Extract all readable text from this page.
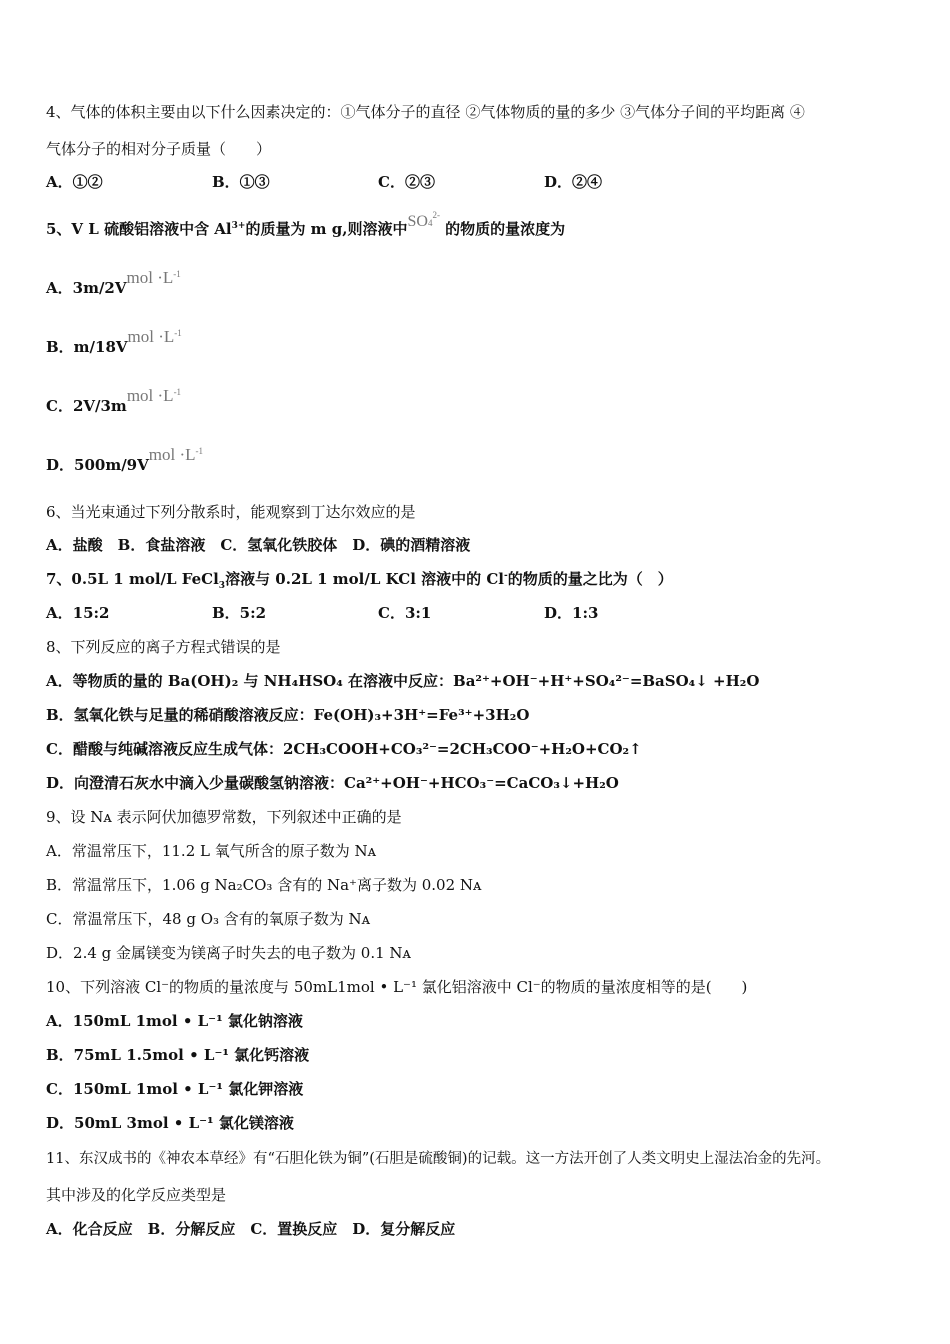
4、气体的体积主要由以下什么因素决定的：①气体分子的直径 ②气体物质的量的多少 ③气体分子间的平均距离 ④
气体分子的相对分子质量（　　）
A．①②	B．①③	C．②③	D．②④
5、V L 硫酸铝溶液中含 $Al^{3+}$的质量为 m g,则溶液中$SO4^{2-}$ 的物质的量浓度为
A．3m/2Vmol $\cdot L^{-1}$
B．m/18Vmol $\cdot L^{-1}$
C．2V/3mmol $\cdot L^{-1}$
D．500m/9Vmol $\cdot L^{-1}$
6、当光束通过下列分散系时，能观察到丁达尔效应的是
A．盐酸　B．食盐溶液　C．氢氧化铁胶体　D．碘的酒精溶液
7、0.5L 1 mol/L FeCl$_3$溶液与 0.2L 1 mol/L KCl 溶液中的 Cl-的物质的量之比为（　）
A．15:2	B．5:2	C．3:1	D．1:3
8、下列反应的离子方程式错误的是
A．等物质的量的 Ba(OH)₂ 与 NH₄HSO₄ 在溶液中反应：Ba²⁺+OH⁻+H⁺+SO₄²⁻=BaSO₄↓ +H₂O
B．氢氧化铁与足量的稀硝酸溶液反应：Fe(OH)₃+3H⁺=Fe³⁺+3H₂O
C．醋酸与纯碱溶液反应生成气体：2CH₃COOH+CO₃²⁻=2CH₃COO⁻+H₂O+CO₂↑
D．向澄清石灰水中滴入少量碳酸氢钠溶液：Ca²⁺+OH⁻+HCO₃⁻=CaCO₃↓+H₂O
9、设 Nᴀ 表示阿伏加德罗常数，下列叙述中正确的是
A．常温常压下，11.2 L 氧气所含的原子数为 Nᴀ
B．常温常压下，1.06 g Na₂CO₃ 含有的 Na⁺离子数为 0.02 Nᴀ
C．常温常压下，48 g O₃ 含有的氧原子数为 Nᴀ
D．2.4 g 金属镁变为镁离子时失去的电子数为 0.1 Nᴀ
10、下列溶液 Cl⁻的物质的量浓度与 50mL1mol • L⁻¹ 氯化铝溶液中 Cl⁻的物质的量浓度相等的是(　　)
A．150mL 1mol • L⁻¹ 氯化钠溶液
B．75mL 1.5mol • L⁻¹ 氯化钙溶液
C．150mL 1mol • L⁻¹ 氯化钾溶液
D．50mL 3mol • L⁻¹ 氯化镁溶液
11、东汉成书的《神农本草经》有“石胆化铁为铜”(石胆是硫酸铜)的记载。这一方法开创了人类文明史上湿法冶金的先河。
其中涉及的化学反应类型是
A．化合反应　B．分解反应　C．置换反应　D．复分解反应
